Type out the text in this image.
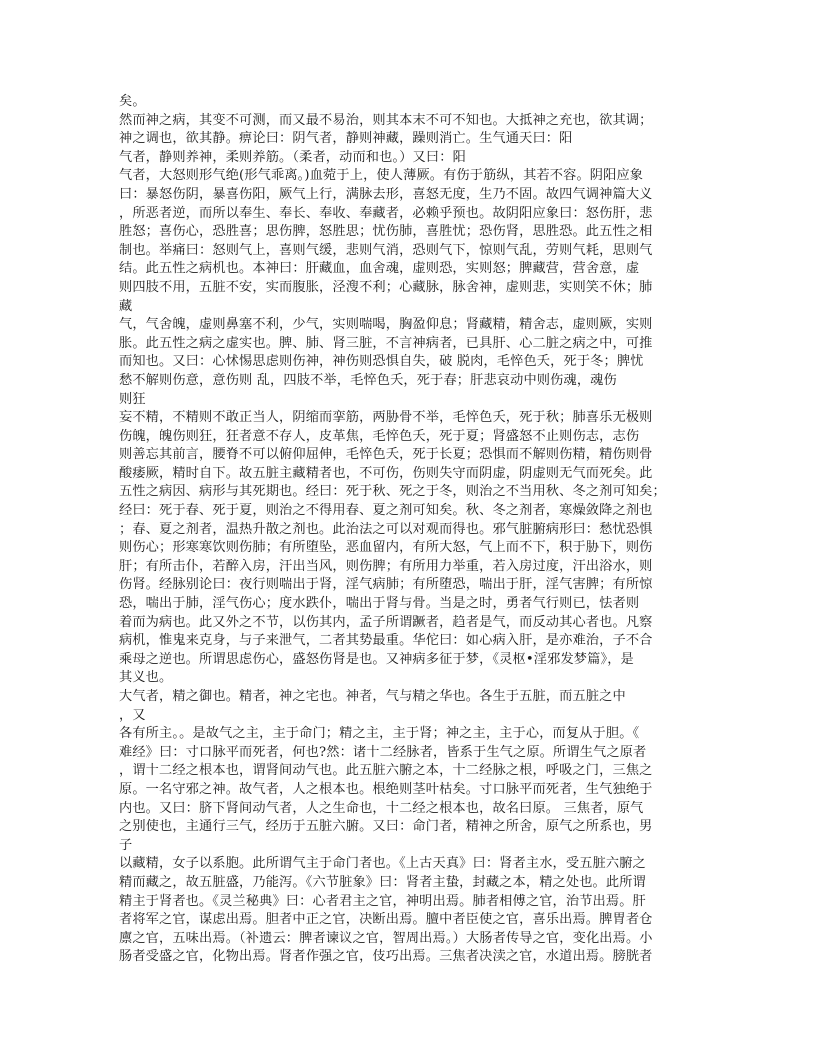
矣。
然而神之病，其变不可测，而又最不易治，则其本末不可不知也。大抵神之充也，欲其调；
神之调也，欲其静。痹论曰：阴气者，静则神藏，躁则消亡。生气通天曰：阳
气者，静则养神，柔则养筋。（柔者，动而和也。）又曰：阳
气者，大怒则形气绝(形气乖离。)血菀于上，使人薄厥。有伤于筋纵，其若不容。阴阳应象
曰：暴怒伤阴，暴喜伤阳，厥气上行，满脉去形，喜怒无度，生乃不固。故四气调神篇大义
，所恶者逆，而所以奉生、奉长、奉收、奉藏者，必赖乎预也。故阴阳应象曰：怒伤肝，悲
胜怒；喜伤心，恐胜喜；思伤脾，怒胜思；忧伤肺，喜胜忧；恐伤肾，思胜恐。此五性之相
制也。举痛曰：怒则气上，喜则气缓，悲则气消，恐则气下，惊则气乱，劳则气耗，思则气
结。此五性之病机也。本神曰：肝藏血，血舍魂，虚则恐，实则怒；脾藏营，营舍意，虚
则四肢不用，五脏不安，实而腹胀，泾溲不利；心藏脉，脉舍神，虚则悲，实则笑不休；肺
藏
气，气舍魄，虚则鼻塞不利，少气，实则喘喝，胸盈仰息；肾藏精，精舍志，虚则厥，实则
胀。此五性之病之虚实也。脾、肺、肾三脏，不言神病者，已具肝、心二脏之病之中，可推
而知也。又曰：心怵惕思虑则伤神，神伤则恐惧自失，破 脱肉，毛悴色夭，死于冬；脾忧
愁不解则伤意，意伤则 乱，四肢不举，毛悴色夭，死于春；肝悲哀动中则伤魂，魂伤
则狂
妄不精，不精则不敢正当人，阴缩而挛筋，两胁骨不举，毛悴色夭，死于秋；肺喜乐无极则
伤魄，魄伤则狂，狂者意不存人，皮革焦，毛悴色夭，死于夏；肾盛怒不止则伤志，志伤
则善忘其前言，腰脊不可以俯仰屈伸，毛悴色夭，死于长夏；恐惧而不解则伤精，精伤则骨
酸痿厥，精时自下。故五脏主藏精者也，不可伤，伤则失守而阴虚，阴虚则无气而死矣。此
五性之病因、病形与其死期也。经曰：死于秋、死之于冬，则治之不当用秋、冬之剂可知矣；
经曰：死于春、死于夏，则治之不得用春、夏之剂可知矣。秋、冬之剂者，寒燥敛降之剂也
；春、夏之剂者，温热升散之剂也。此治法之可以对观而得也。邪气脏腑病形曰：愁忧恐惧
则伤心；形寒寒饮则伤肺；有所堕坠，恶血留内，有所大怒，气上而不下，积于胁下，则伤
肝；有所击仆，若醉入房，汗出当风，则伤脾；有所用力举重，若入房过度，汗出浴水，则
伤肾。经脉别论曰：夜行则喘出于肾，淫气病肺；有所堕恐，喘出于肝，淫气害脾；有所惊
恐，喘出于肺，淫气伤心；度水跌仆，喘出于肾与骨。当是之时，勇者气行则已，怯者则
着而为病也。此又外之不节，以伤其内，孟子所谓蹶者，趋者是气，而反动其心者也。凡察
病机，惟鬼来克身，与子来泄气，二者其势最重。华佗曰：如心病入肝，是亦难治，子不合
乘母之逆也。所谓思虑伤心，盛怒伤肾是也。又神病多征于梦，《灵枢•淫邪发梦篇》，是
其义也。
大气者，精之御也。精者，神之宅也。神者，气与精之华也。各生于五脏，而五脏之中
，又
各有所主。。是故气之主，主于命门；精之主，主于肾；神之主，主于心，而复从于胆。《
难经》曰：寸口脉平而死者，何也?然：诸十二经脉者，皆系于生气之原。所谓生气之原者
，谓十二经之根本也，谓肾间动气也。此五脏六腑之本，十二经脉之根，呼吸之门，三焦之
原。一名守邪之神。故气者，人之根本也。根绝则茎叶枯矣。寸口脉平而死者，生气独绝于
内也。又曰：脐下肾间动气者，人之生命也，十二经之根本也，故名曰原。 三焦者，原气
之别使也，主通行三气，经历于五脏六腑。又曰：命门者，精神之所舍，原气之所系也，男
子
以藏精，女子以系胞。此所谓气主于命门者也。《上古天真》曰：肾者主水，受五脏六腑之
精而藏之，故五脏盛，乃能泻。《六节脏象》曰：肾者主蛰，封藏之本，精之处也。此所谓
精主于肾者也。《灵兰秘典》曰：心者君主之官，神明出焉。肺者相傅之官，治节出焉。肝
者将军之官，谋虑出焉。胆者中正之官，决断出焉。膻中者臣使之官，喜乐出焉。脾胃者仓
廪之官，五味出焉。（补遗云：脾者谏议之官，智周出焉。）大肠者传导之官，变化出焉。小
肠者受盛之官，化物出焉。肾者作强之官，伎巧出焉。三焦者决渎之官，水道出焉。膀胱者
